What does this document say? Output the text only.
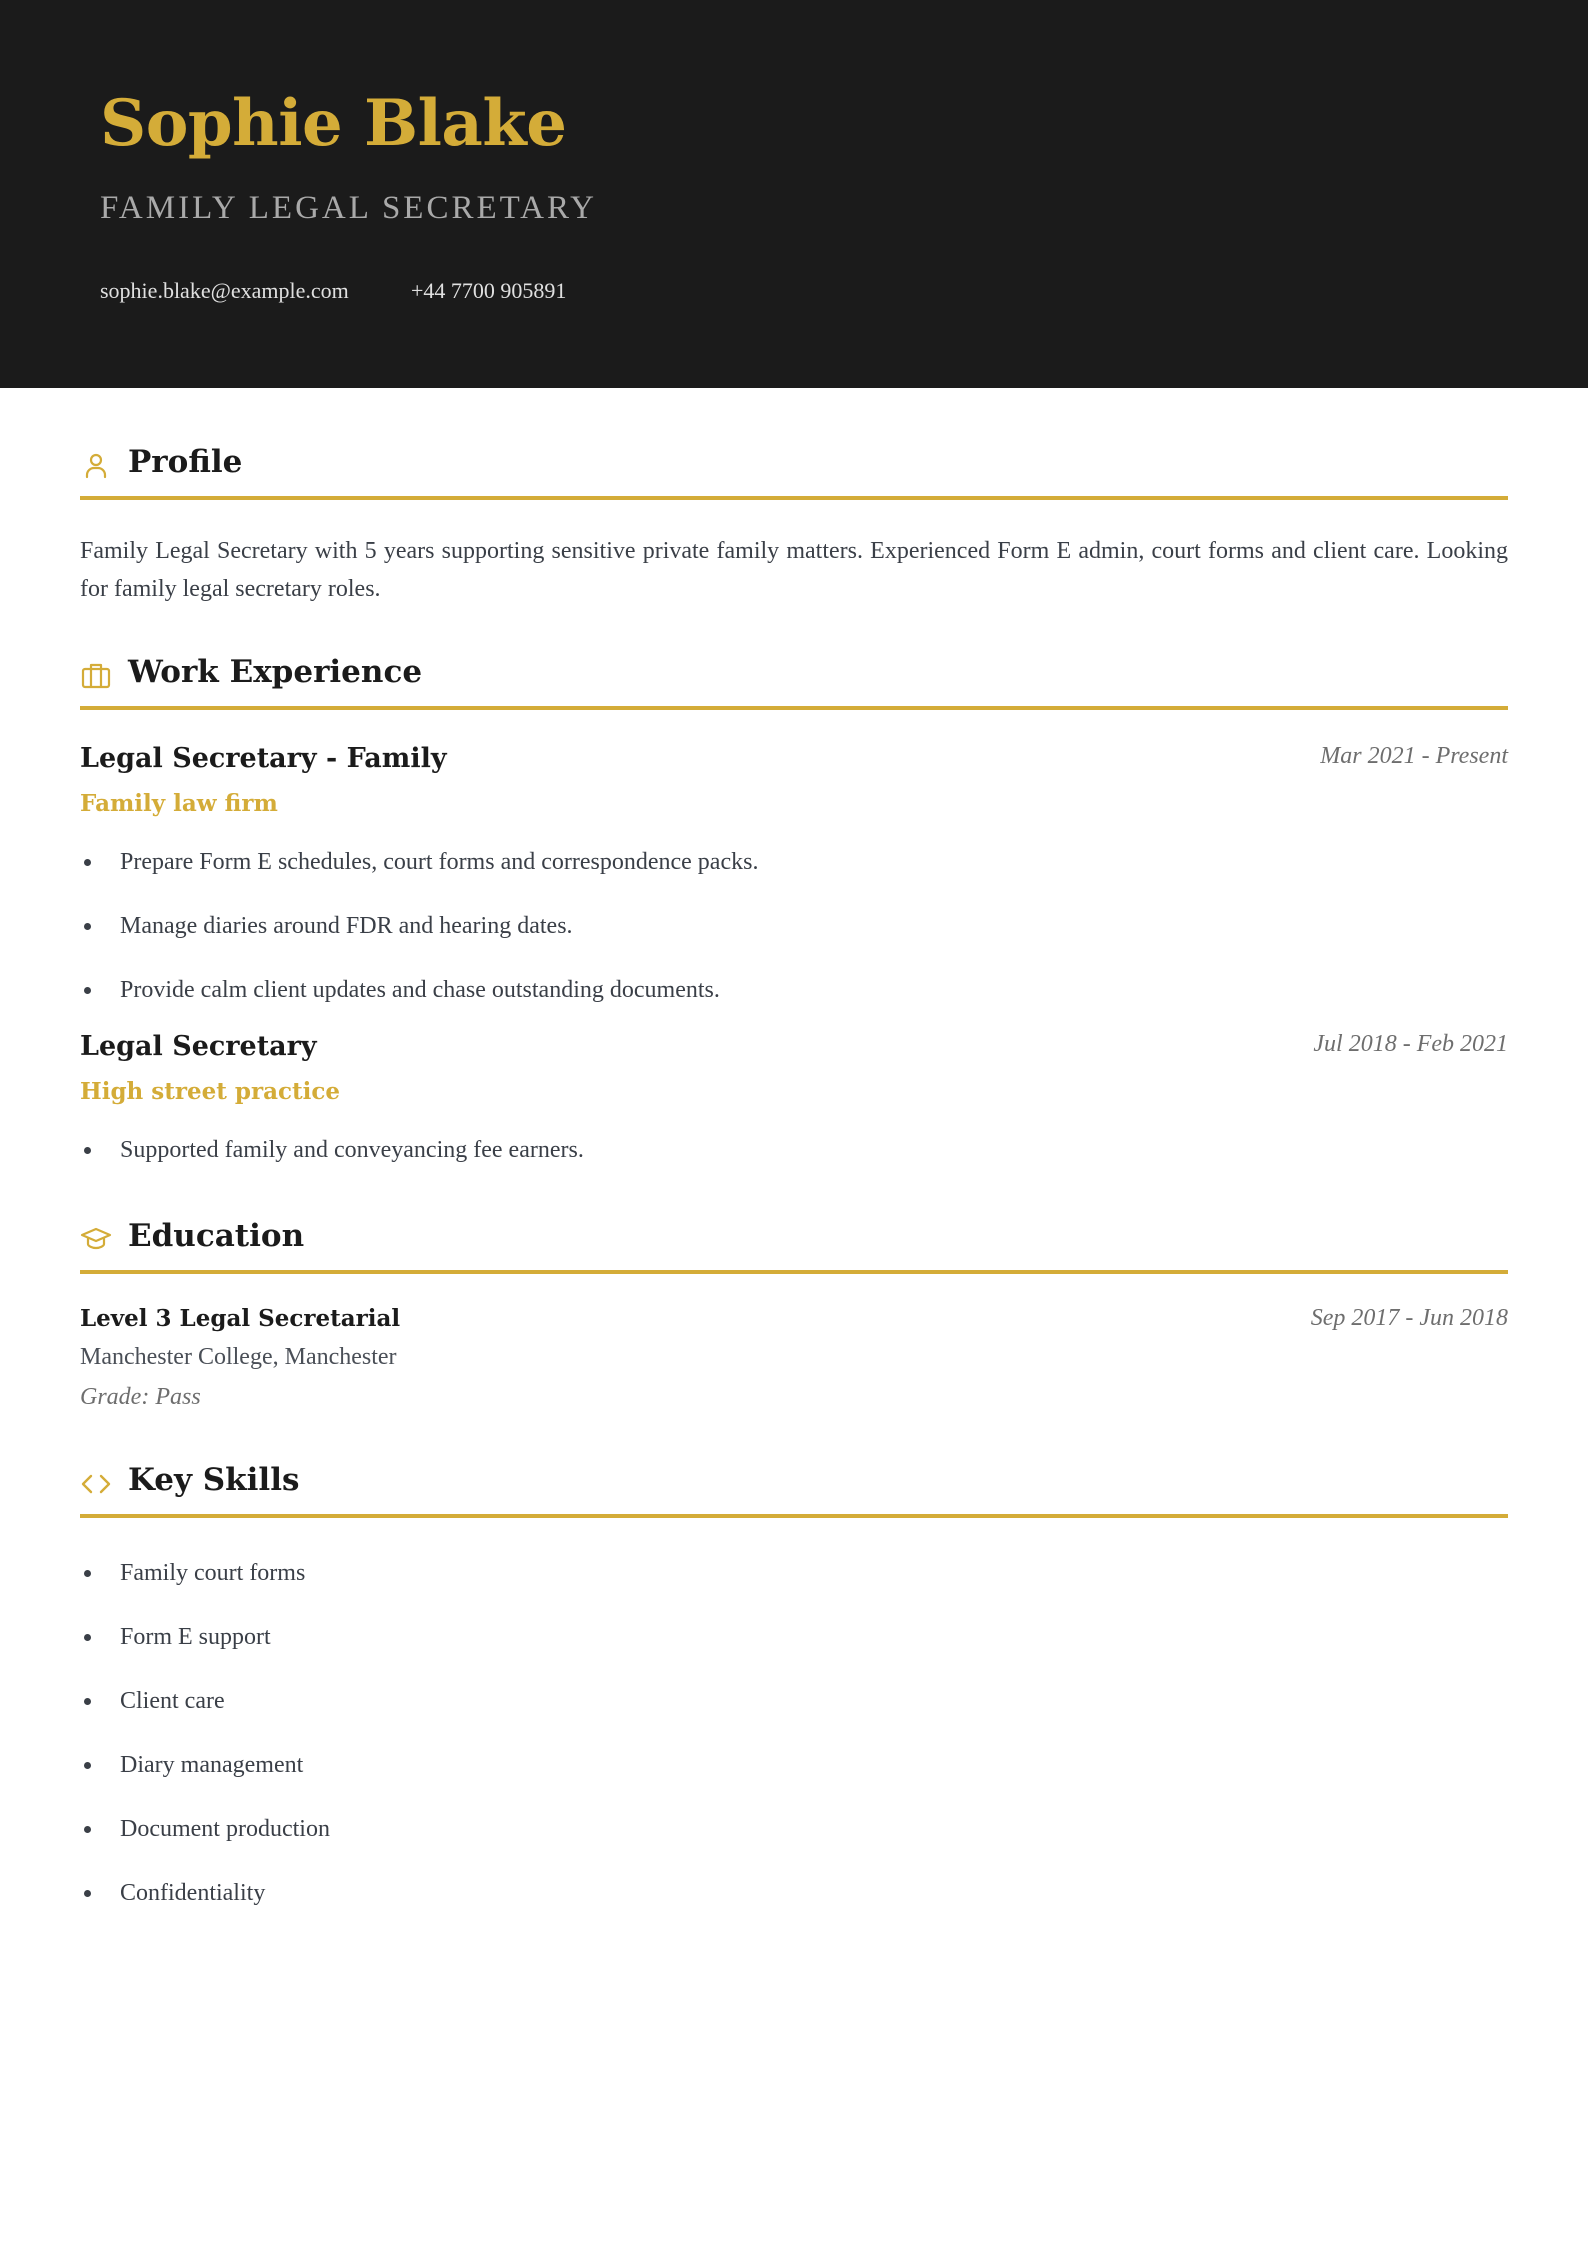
Sophie Blake
FAMILY LEGAL SECRETARY
sophie.blake@example.com	+44 7700 905891
Profile
Family Legal Secretary with 5 years supporting sensitive private family matters. Experienced Form E admin, court forms and client care. Looking for family legal secretary roles.
Work Experience
Legal Secretary - Family	Mar 2021 - Present
Family law firm
Prepare Form E schedules, court forms and correspondence packs.
Manage diaries around FDR and hearing dates.
Provide calm client updates and chase outstanding documents.
Legal Secretary	Jul 2018 - Feb 2021
High street practice
Supported family and conveyancing fee earners.
Education
Level 3 Legal Secretarial	Sep 2017 - Jun 2018
Manchester College, Manchester
Grade: Pass
Key Skills
Family court forms
Form E support
Client care
Diary management
Document production
Confidentiality
